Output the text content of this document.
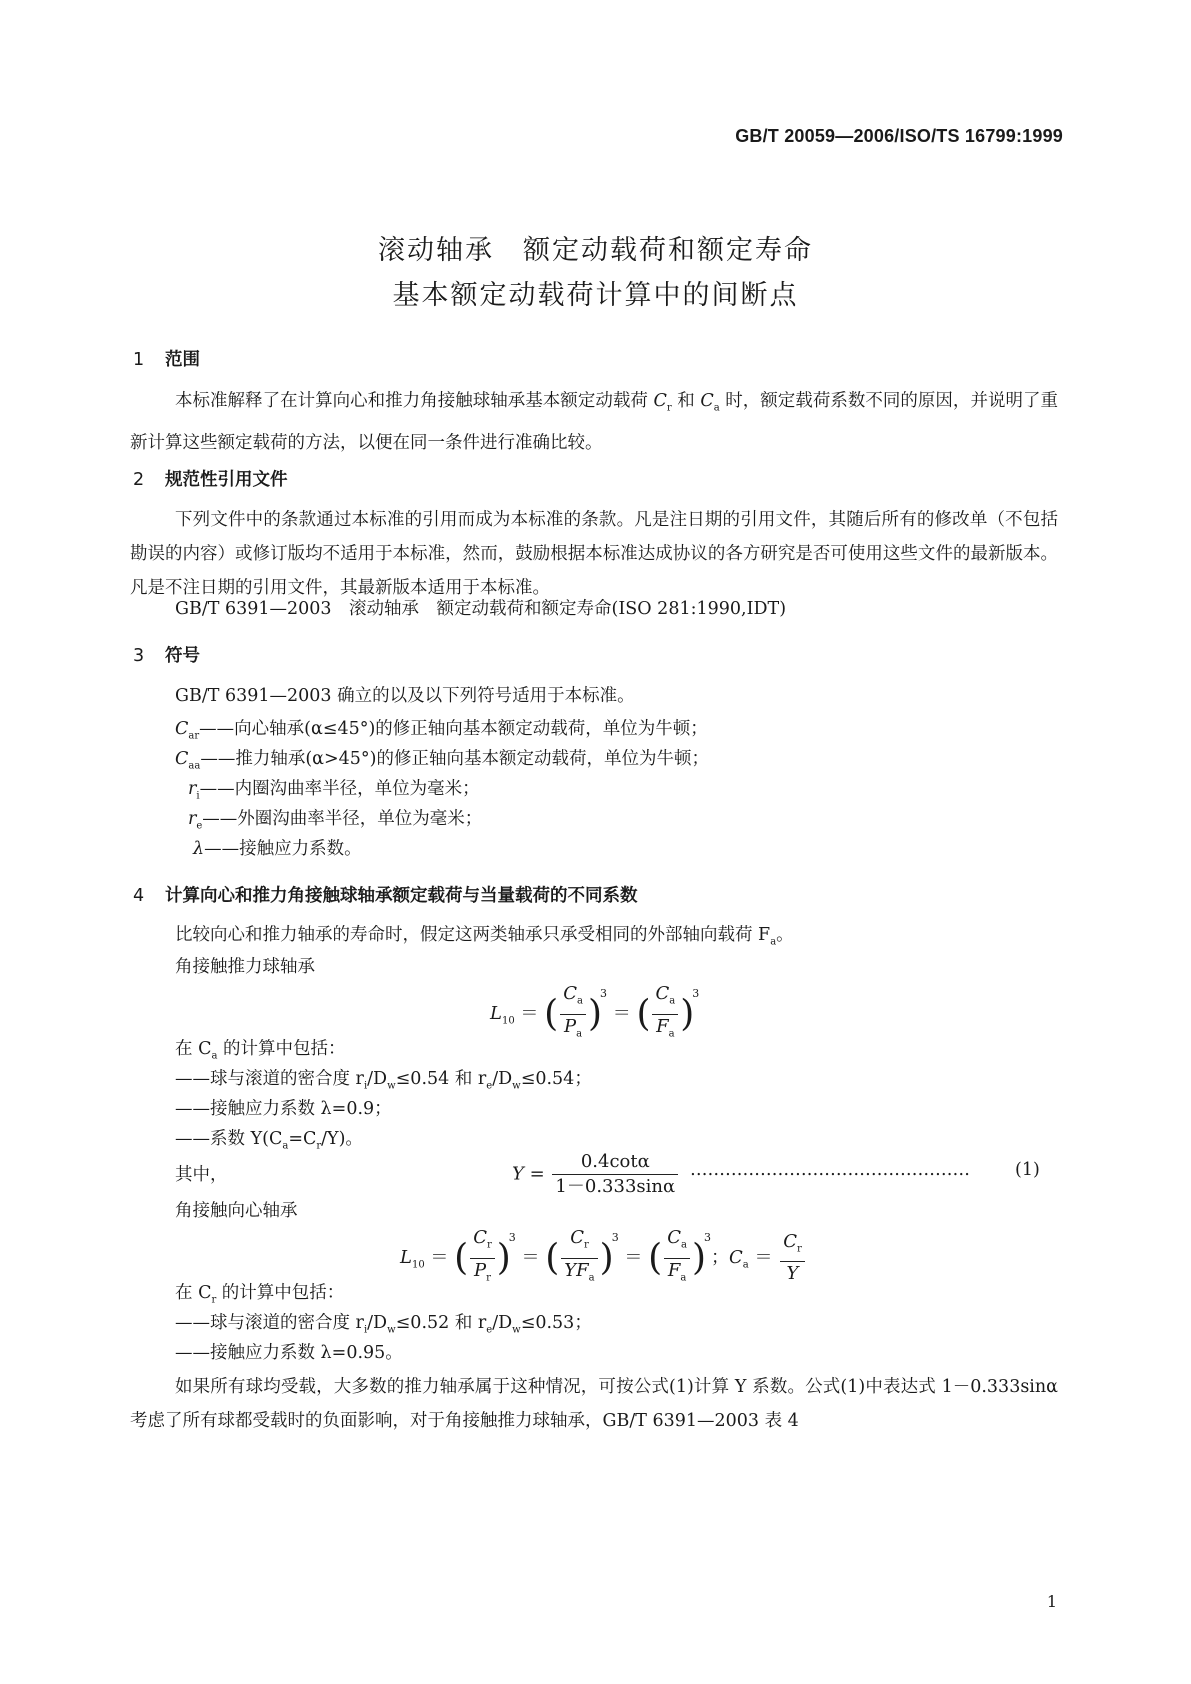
GB/T 20059—2006/ISO/TS 16799:1999
滚动轴承　额定动载荷和额定寿命
基本额定动载荷计算中的间断点
1 范围
本标准解释了在计算向心和推力角接触球轴承基本额定动载荷 $C_r$ 和 $C_a$ 时，额定载荷系数不同的原因，并说明了重新计算这些额定载荷的方法，以便在同一条件进行准确比较。
2 规范性引用文件
下列文件中的条款通过本标准的引用而成为本标准的条款。凡是注日期的引用文件，其随后所有的修改单（不包括勘误的内容）或修订版均不适用于本标准，然而，鼓励根据本标准达成协议的各方研究是否可使用这些文件的最新版本。凡是不注日期的引用文件，其最新版本适用于本标准。
GB/T 6391—2003　滚动轴承　额定动载荷和额定寿命(ISO 281:1990,IDT)
3 符号
GB/T 6391—2003 确立的以及以下列符号适用于本标准。
$C_{ar}——$向心轴承(α≤45°)的修正轴向基本额定动载荷，单位为牛顿；
$C_{aa}——$推力轴承(α>45°)的修正轴向基本额定动载荷，单位为牛顿；
$r_i——$内圈沟曲率半径，单位为毫米；
$r_e——$外圈沟曲率半径，单位为毫米；
λ——接触应力系数。
4 计算向心和推力角接触球轴承额定载荷与当量载荷的不同系数
比较向心和推力轴承的寿命时，假定这两类轴承只承受相同的外部轴向载荷 $F_a$。
角接触推力球轴承
$L_{10}$ ＝ ( $\frac{C_a}{P_a} )^3$ ＝ ( $\frac{C_a}{F_a} )^3$
在 $C_a$ 的计算中包括：
——球与滚道的密合度 $r_i/D_w\le 0.54$ 和 $r_e/D_w\le 0.54$；
——接触应力系数 λ=0.9；
——系数 $Y(C_a=C_r/Y)$。
其中，	$Y = \frac{0.4\cot\alpha}{1-0.333\sin\alpha}$ …………………………………………	(1)
角接触向心轴承
$L_{10}$ ＝ ( $\frac{C_r}{P_r} )^3$ ＝ ( $\frac{C_r}{YF_a} )^3$ ＝ ( $\frac{C_a}{F_a} )^3$；$C_a = \frac{C_r}{Y}$
在 $C_r$ 的计算中包括：
——球与滚道的密合度 $r_i/D_w\le 0.52$ 和 $r_e/D_w\le 0.53$；
——接触应力系数 λ=0.95。
如果所有球均受载，大多数的推力轴承属于这种情况，可按公式(1)计算 Y 系数。公式(1)中表达式 1－0.333sinα 考虑了所有球都受载时的负面影响，对于角接触推力球轴承，GB/T 6391—2003 表 4
1
